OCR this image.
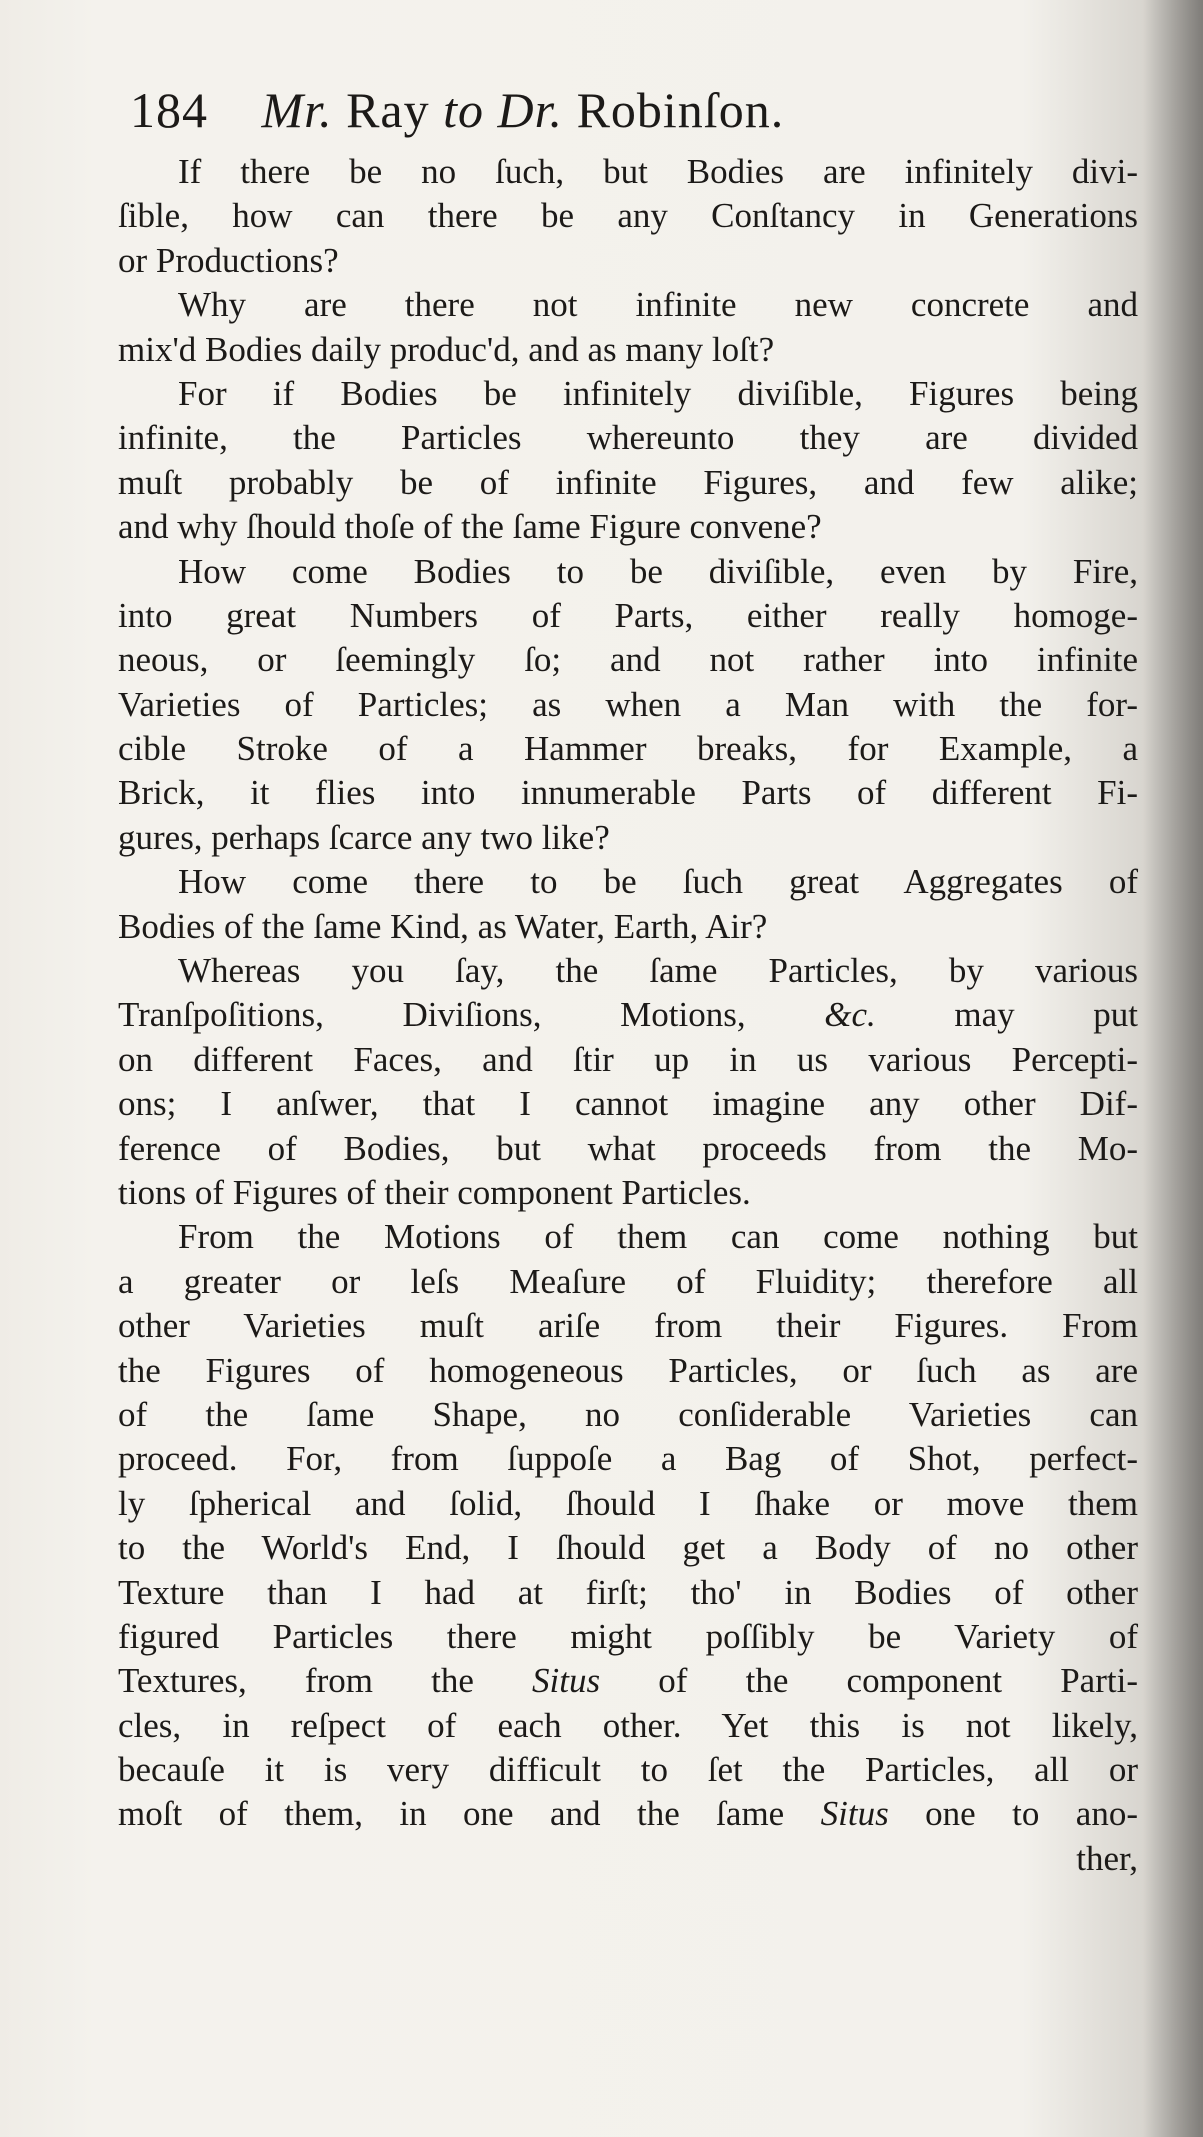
184 Mr. Ray to Dr. Robinſon.
If there be no ſuch, but Bodies are infinitely divi-
ſible, how can there be any Conſtancy in Generations
or Productions?
Why are there not infinite new concrete and
mix'd Bodies daily produc'd, and as many loſt?
For if Bodies be infinitely diviſible, Figures being
infinite, the Particles whereunto they are divided
muſt probably be of infinite Figures, and few alike;
and why ſhould thoſe of the ſame Figure convene?
How come Bodies to be diviſible, even by Fire,
into great Numbers of Parts, either really homoge-
neous, or ſeemingly ſo; and not rather into infinite
Varieties of Particles; as when a Man with the for-
cible Stroke of a Hammer breaks, for Example, a
Brick, it flies into innumerable Parts of different Fi-
gures, perhaps ſcarce any two like?
How come there to be ſuch great Aggregates of
Bodies of the ſame Kind, as Water, Earth, Air?
Whereas you ſay, the ſame Particles, by various
Tranſpoſitions, Diviſions, Motions, &c. may put
on different Faces, and ſtir up in us various Percepti-
ons; I anſwer, that I cannot imagine any other Dif-
ference of Bodies, but what proceeds from the Mo-
tions of Figures of their component Particles.
From the Motions of them can come nothing but
a greater or leſs Meaſure of Fluidity; therefore all
other Varieties muſt ariſe from their Figures. From
the Figures of homogeneous Particles, or ſuch as are
of the ſame Shape, no conſiderable Varieties can
proceed. For, from ſuppoſe a Bag of Shot, perfect-
ly ſpherical and ſolid, ſhould I ſhake or move them
to the World's End, I ſhould get a Body of no other
Texture than I had at firſt; tho' in Bodies of other
figured Particles there might poſſibly be Variety of
Textures, from the Situs of the component Parti-
cles, in reſpect of each other. Yet this is not likely,
becauſe it is very difficult to ſet the Particles, all or
moſt of them, in one and the ſame Situs one to ano-
ther,
